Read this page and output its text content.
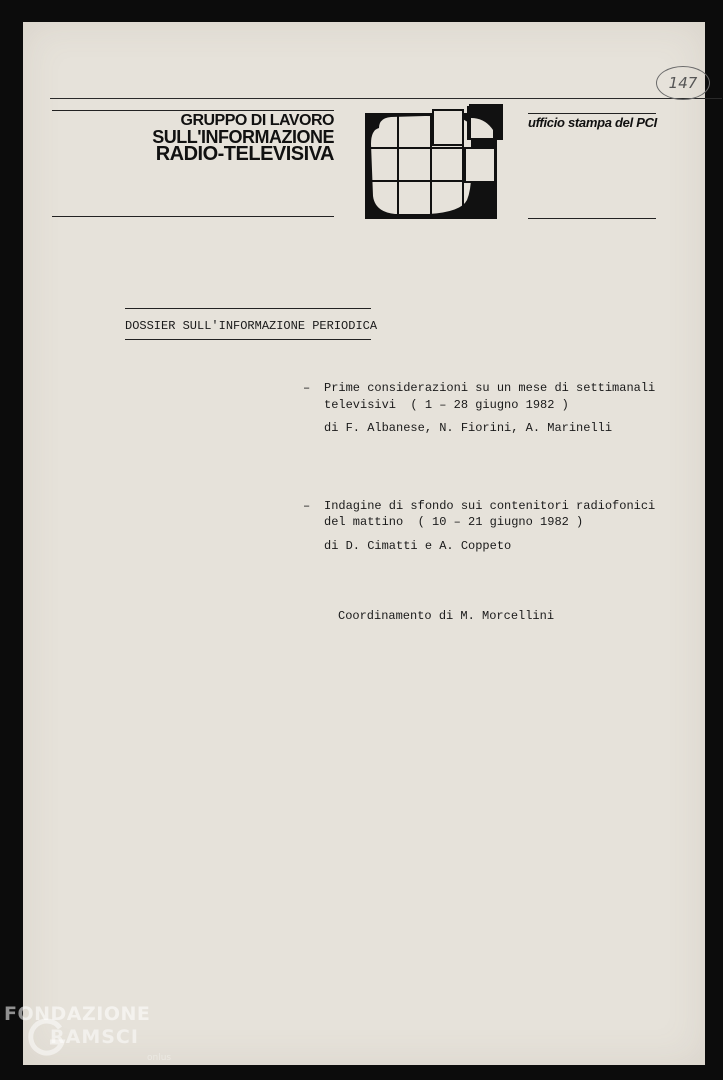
147
GRUPPO DI LAVORO
SULL'INFORMAZIONE
RADIO-TELEVISIVA
ufficio stampa del PCI
DOSSIER SULL'INFORMAZIONE PERIODICA
– Prime considerazioni su un mese di settimanali
televisivi  ( 1 – 28 giugno 1982 )
di F. Albanese, N. Fiorini, A. Marinelli
– Indagine di sfondo sui contenitori radiofonici
del mattino  ( 10 – 21 giugno 1982 )
di D. Cimatti e A. Coppeto
Coordinamento di M. Morcellini
FONDAZIONE
RAMSCI
onlus
